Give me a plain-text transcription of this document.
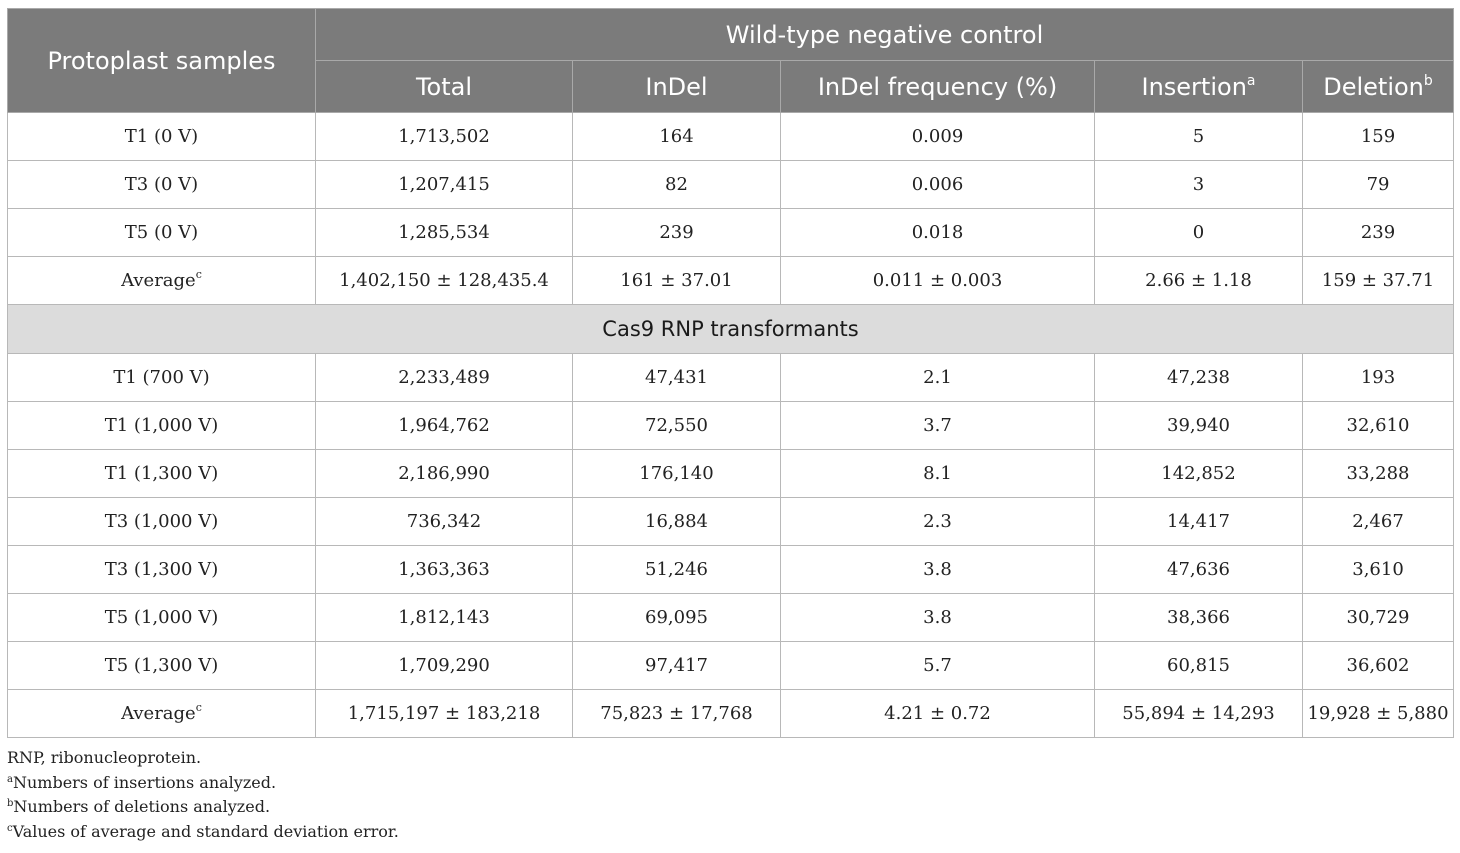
Protoplast samples	Wild-type negative control				
	Total	InDel	InDel frequency (%)	Insertion$^a$	Deletion$^b$
T1 (0 V)	1,713,502	164	0.009	5	159
T3 (0 V)	1,207,415	82	0.006	3	79
T5 (0 V)	1,285,534	239	0.018	0	239
Average$^c$	1,402,150 ± 128,435.4	161 ± 37.01	0.011 ± 0.003	2.66 ± 1.18	159 ± 37.71
Cas9 RNP transformants					
T1 (700 V)	2,233,489	47,431	2.1	47,238	193
T1 (1,000 V)	1,964,762	72,550	3.7	39,940	32,610
T1 (1,300 V)	2,186,990	176,140	8.1	142,852	33,288
T3 (1,000 V)	736,342	16,884	2.3	14,417	2,467
T3 (1,300 V)	1,363,363	51,246	3.8	47,636	3,610
T5 (1,000 V)	1,812,143	69,095	3.8	38,366	30,729
T5 (1,300 V)	1,709,290	97,417	5.7	60,815	36,602
Average$^c$	1,715,197 ± 183,218	75,823 ± 17,768	4.21 ± 0.72	55,894 ± 14,293	19,928 ± 5,880
RNP, ribonucleoprotein.
$^a$Numbers of insertions analyzed.
$^b$Numbers of deletions analyzed.
$^c$Values of average and standard deviation error.
